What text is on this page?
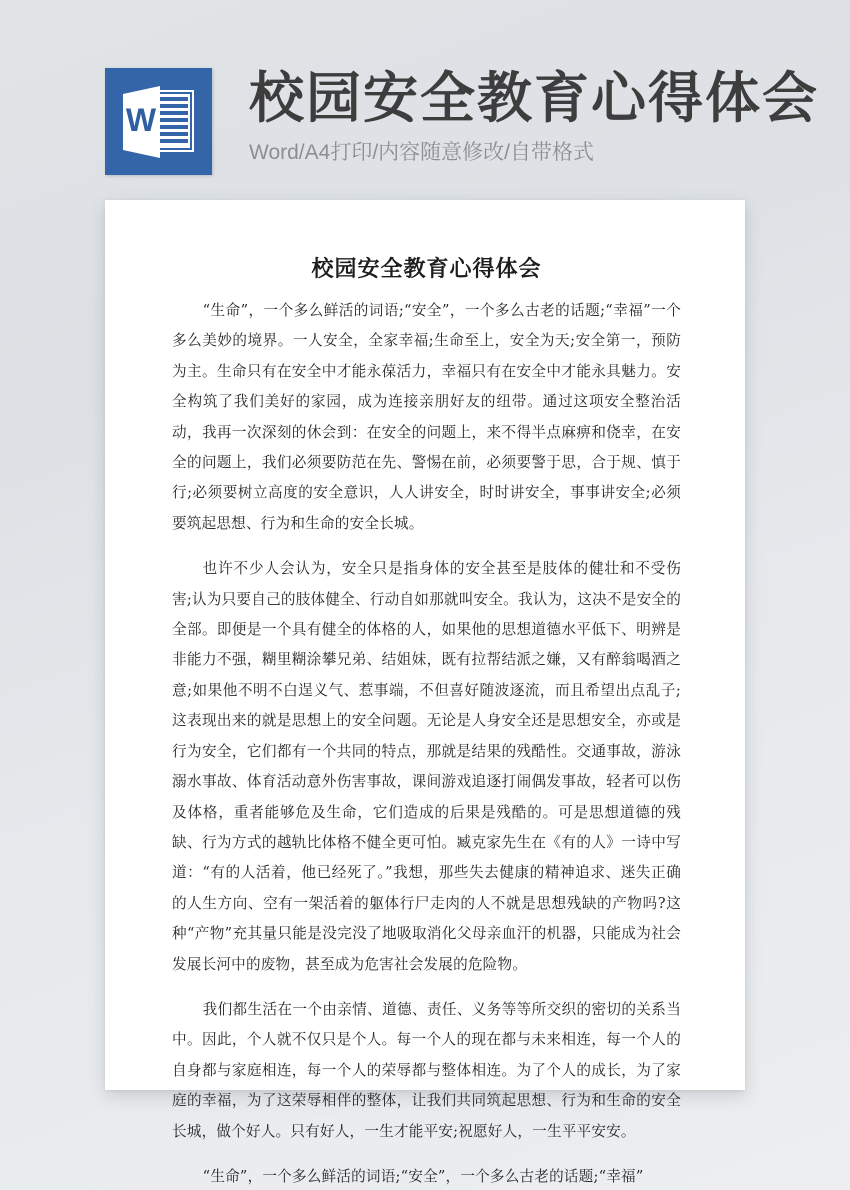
W 校园安全教育心得体会
Word/A4打印/内容随意修改/自带格式
校园安全教育心得体会

“生命”，一个多么鲜活的词语;“安全”，一个多么古老的话题;“幸福”一个多么美妙的境界。一人安全，全家幸福;生命至上，安全为天;安全第一，预防为主。生命只有在安全中才能永葆活力，幸福只有在安全中才能永具魅力。安全构筑了我们美好的家园，成为连接亲朋好友的纽带。通过这项安全整治活动，我再一次深刻的休会到：在安全的问题上，来不得半点麻痹和侥幸，在安全的问题上，我们必须要防范在先、警惕在前，必须要警于思，合于规、慎于行;必须要树立高度的安全意识，人人讲安全，时时讲安全，事事讲安全;必须要筑起思想、行为和生命的安全长城。

也许不少人会认为，安全只是指身体的安全甚至是肢体的健壮和不受伤害;认为只要自己的肢体健全、行动自如那就叫安全。我认为，这决不是安全的全部。即便是一个具有健全的体格的人，如果他的思想道德水平低下、明辨是非能力不强，糊里糊涂攀兄弟、结姐妹，既有拉帮结派之嫌，又有醉翁喝酒之意;如果他不明不白逞义气、惹事端，不但喜好随波逐流，而且希望出点乱子;这表现出来的就是思想上的安全问题。无论是人身安全还是思想安全，亦或是行为安全，它们都有一个共同的特点，那就是结果的残酷性。交通事故，游泳溺水事故、体育活动意外伤害事故，课间游戏追逐打闹偶发事故，轻者可以伤及体格，重者能够危及生命，它们造成的后果是残酷的。可是思想道德的残缺、行为方式的越轨比体格不健全更可怕。臧克家先生在《有的人》一诗中写道：“有的人活着，他已经死了。”我想，那些失去健康的精神追求、迷失正确的人生方向、空有一架活着的躯体行尸走肉的人不就是思想残缺的产物吗?这种“产物”充其量只能是没完没了地吸取消化父母亲血汗的机器，只能成为社会发展长河中的废物，甚至成为危害社会发展的危险物。

我们都生活在一个由亲情、道德、责任、义务等等所交织的密切的关系当中。因此，个人就不仅只是个人。每一个人的现在都与未来相连，每一个人的自身都与家庭相连，每一个人的荣辱都与整体相连。为了个人的成长，为了家庭的幸福，为了这荣辱相伴的整体，让我们共同筑起思想、行为和生命的安全长城，做个好人。只有好人，一生才能平安;祝愿好人，一生平平安安。

“生命”，一个多么鲜活的词语;“安全”，一个多么古老的话题;“幸福”
